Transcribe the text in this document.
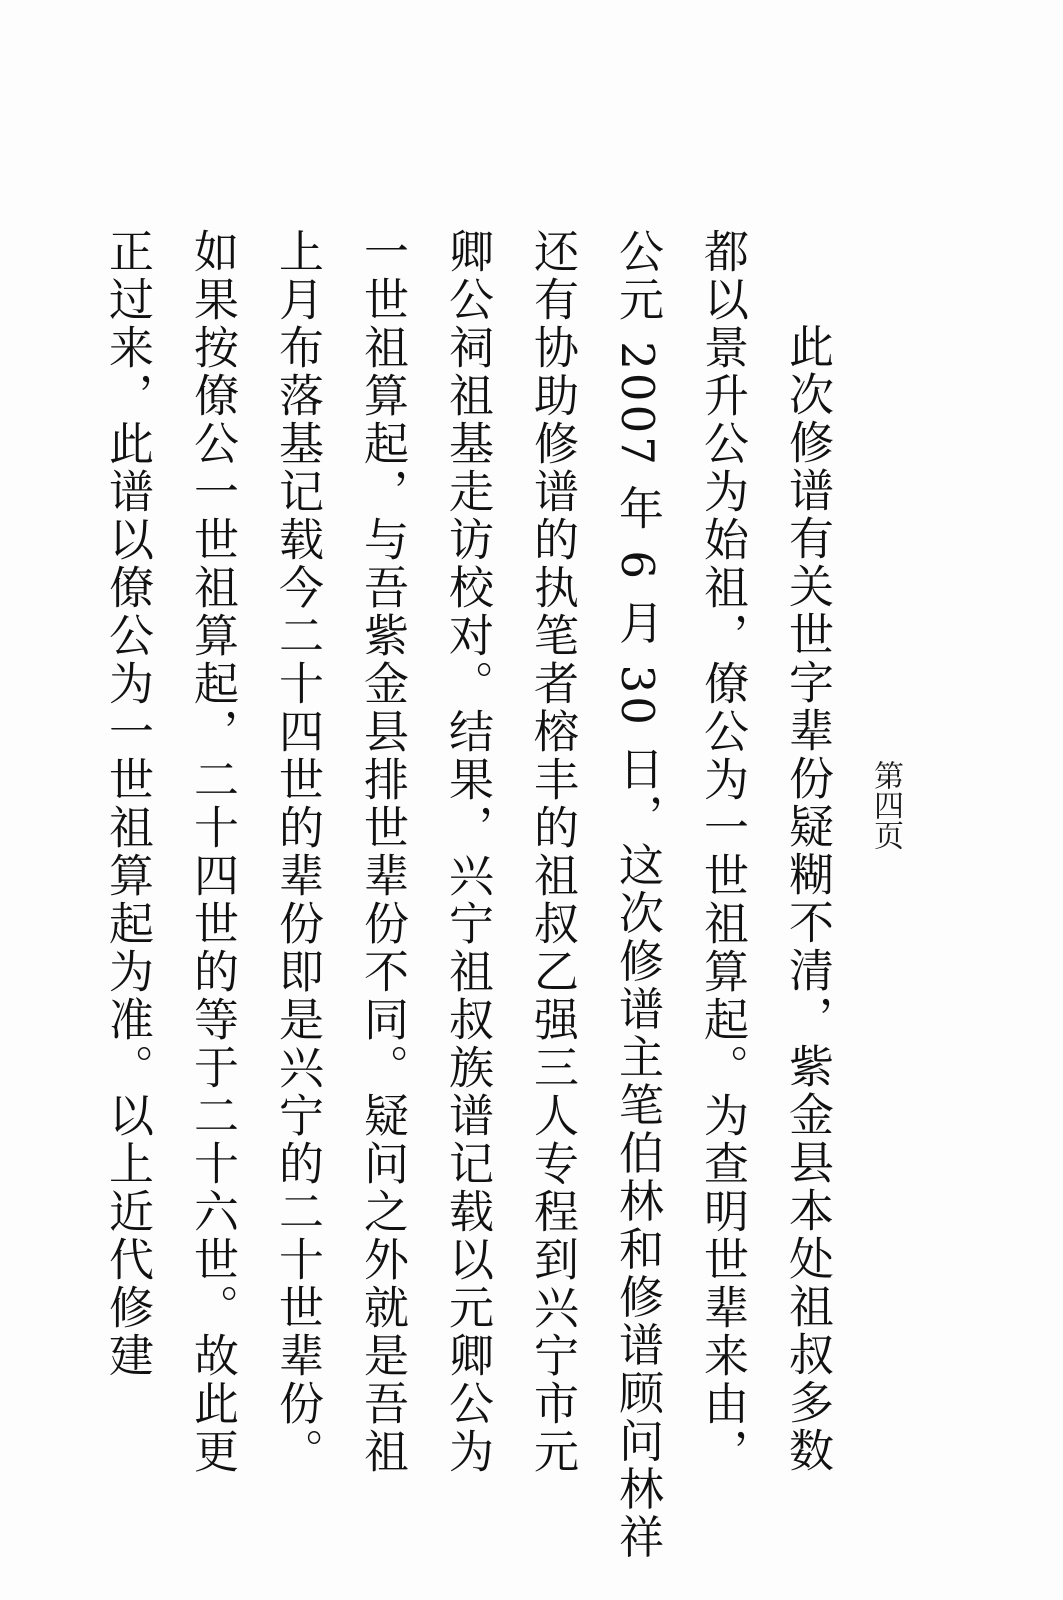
第四页
此次修谱有关世字辈份疑糊不清，紫金县本处祖叔多数
都以景升公为始祖，僚公为一世祖算起。为查明世辈来由，
公元 2007 年 6 月 30 日，这次修谱主笔伯林和修谱顾问林祥
还有协助修谱的执笔者榕丰的祖叔乙强三人专程到兴宁市元
卿公祠祖基走访校对。结果，兴宁祖叔族谱记载以元卿公为
一世祖算起，与吾紫金县排世辈份不同。疑问之外就是吾祖
上月布落基记载今二十四世的辈份即是兴宁的二十世辈份。
如果按僚公一世祖算起，二十四世的等于二十六世。故此更
正过来，此谱以僚公为一世祖算起为准。以上近代修建
